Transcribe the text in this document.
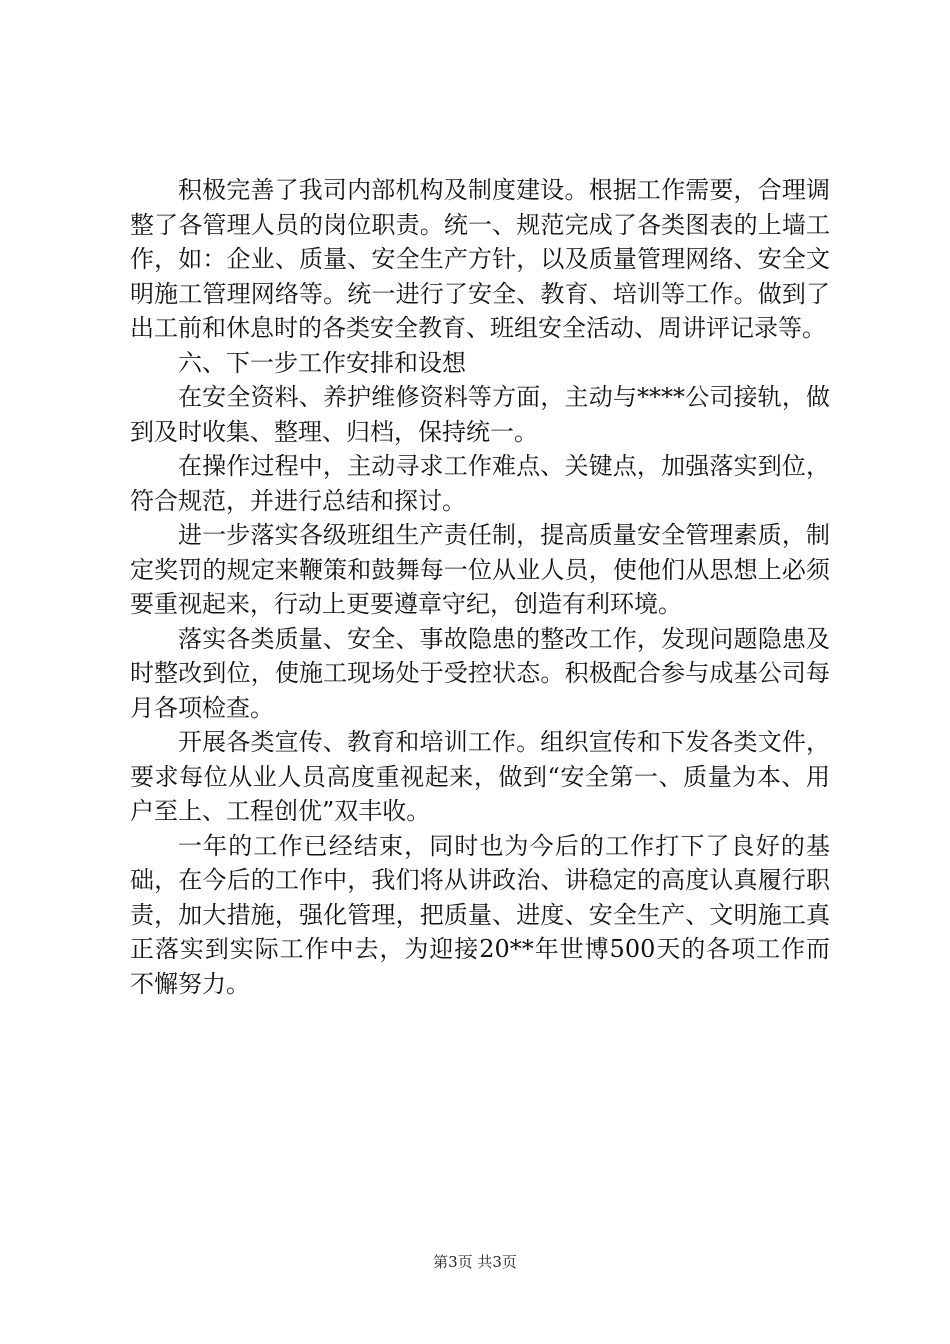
积极完善了我司内部机构及制度建设。根据工作需要，合理调整了各管理人员的岗位职责。统一、规范完成了各类图表的上墙工作，如：企业、质量、安全生产方针，以及质量管理网络、安全文明施工管理网络等。统一进行了安全、教育、培训等工作。做到了出工前和休息时的各类安全教育、班组安全活动、周讲评记录等。

六、下一步工作安排和设想

在安全资料、养护维修资料等方面，主动与****公司接轨，做到及时收集、整理、归档，保持统一。

在操作过程中，主动寻求工作难点、关键点，加强落实到位，符合规范，并进行总结和探讨。

进一步落实各级班组生产责任制，提高质量安全管理素质，制定奖罚的规定来鞭策和鼓舞每一位从业人员，使他们从思想上必须要重视起来，行动上更要遵章守纪，创造有利环境。

落实各类质量、安全、事故隐患的整改工作，发现问题隐患及时整改到位，使施工现场处于受控状态。积极配合参与成基公司每月各项检查。

开展各类宣传、教育和培训工作。组织宣传和下发各类文件，要求每位从业人员高度重视起来，做到“安全第一、质量为本、用户至上、工程创优”双丰收。

一年的工作已经结束，同时也为今后的工作打下了良好的基础，在今后的工作中，我们将从讲政治、讲稳定的高度认真履行职责，加大措施，强化管理，把质量、进度、安全生产、文明施工真正落实到实际工作中去，为迎接20**年世博500天的各项工作而不懈努力。

第3页 共3页
